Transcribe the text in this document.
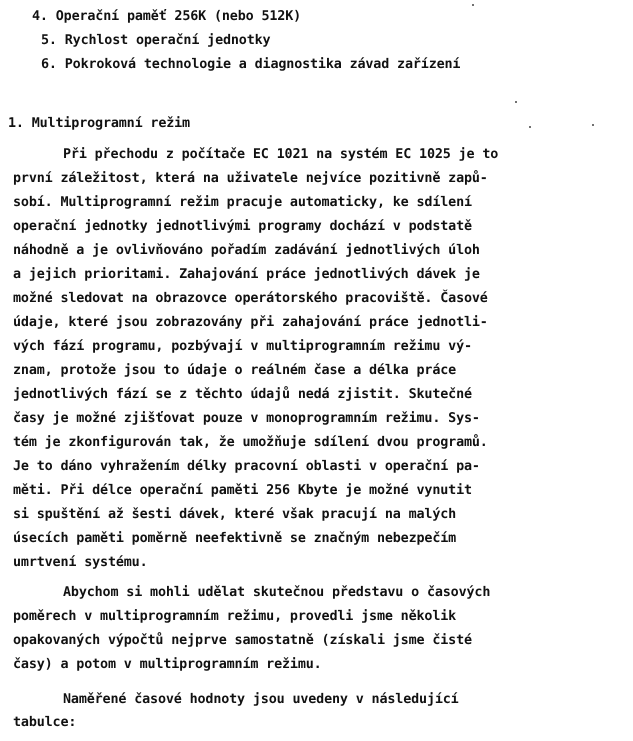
4. Operační paměť 256K (nebo 512K)
5. Rychlost operační jednotky
6. Pokroková technologie a diagnostika závad zařízení
1. Multiprogramní režim
Při přechodu z počítače EC 1021 na systém EC 1025 je to
první záležitost, která na uživatele nejvíce pozitivně zapů-
sobí. Multiprogramní režim pracuje automaticky, ke sdílení
operační jednotky jednotlivými programy dochází v podstatě
náhodně a je ovlivňováno pořadím zadávání jednotlivých úloh
a jejich prioritami. Zahajování práce jednotlivých dávek je
možné sledovat na obrazovce operátorského pracoviště. Časové
údaje, které jsou zobrazovány při zahajování práce jednotli-
vých fází programu, pozbývají v multiprogramním režimu vý-
znam, protože jsou to údaje o reálném čase a délka práce
jednotlivých fází se z těchto údajů nedá zjistit. Skutečné
časy je možné zjišťovat pouze v monoprogramním režimu. Sys-
tém je zkonfigurován tak, že umožňuje sdílení dvou programů.
Je to dáno vyhražením délky pracovní oblasti v operační pa-
měti. Při délce operační paměti 256 Kbyte je možné vynutit
si spuštění až šesti dávek, které však pracují na malých
úsecích paměti poměrně neefektivně se značným nebezpečím
umrtvení systému.
Abychom si mohli udělat skutečnou představu o časových
poměrech v multiprogramním režimu, provedli jsme několik
opakovaných výpočtů nejprve samostatně (získali jsme čisté
časy) a potom v multiprogramním režimu.
Naměřené časové hodnoty jsou uvedeny v následující
tabulce:
